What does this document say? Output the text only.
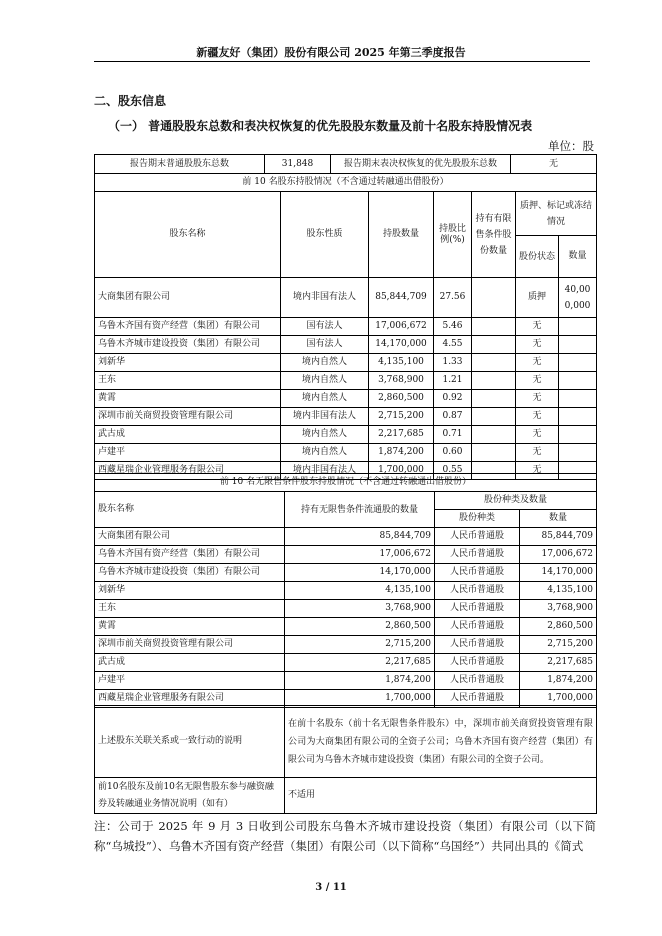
新疆友好（集团）股份有限公司 2025 年第三季度报告
二、股东信息
（一） 普通股股东总数和表决权恢复的优先股股东数量及前十名股东持股情况表
单位：股
报告期末普通股股东总数	31,848	报告期末表决权恢复的优先股股东总数	无
前 10 名股东持股情况（不含通过转融通出借股份）						
股东名称	股东性质	持股数量	持股比例(%)	持有有限售条件股份数量	质押、标记或冻结情况	
					股份状态	数量
大商集团有限公司	境内非国有法人	85,844,709	27.56		质押	40,000,000
乌鲁木齐国有资产经营（集团）有限公司	国有法人	17,006,672	5.46		无	
乌鲁木齐城市建设投资（集团）有限公司	国有法人	14,170,000	4.55		无	
刘新华	境内自然人	4,135,100	1.33		无	
王东	境内自然人	3,768,900	1.21		无	
黄霄	境内自然人	2,860,500	0.92		无	
深圳市前关商贸投资管理有限公司	境内非国有法人	2,715,200	0.87		无	
武古成	境内自然人	2,217,685	0.71		无	
卢建平	境内自然人	1,874,200	0.60		无	
西藏星瑞企业管理服务有限公司	境内非国有法人	1,700,000	0.55		无	
前 10 名无限售条件股东持股情况（不含通过转融通出借股份）			
股东名称	持有无限售条件流通股的数量	股份种类及数量	
		股份种类	数量
大商集团有限公司	85,844,709	人民币普通股	85,844,709
乌鲁木齐国有资产经营（集团）有限公司	17,006,672	人民币普通股	17,006,672
乌鲁木齐城市建设投资（集团）有限公司	14,170,000	人民币普通股	14,170,000
刘新华	4,135,100	人民币普通股	4,135,100
王东	3,768,900	人民币普通股	3,768,900
黄霄	2,860,500	人民币普通股	2,860,500
深圳市前关商贸投资管理有限公司	2,715,200	人民币普通股	2,715,200
武古成	2,217,685	人民币普通股	2,217,685
卢建平	1,874,200	人民币普通股	1,874,200
西藏星瑞企业管理服务有限公司	1,700,000	人民币普通股	1,700,000
上述股东关联关系或一致行动的说明	在前十名股东（前十名无限售条件股东）中，深圳市前关商贸投资管理有限公司为大商集团有限公司的全资子公司；乌鲁木齐国有资产经营（集团）有限公司为乌鲁木齐城市建设投资（集团）有限公司的全资子公司。
前10名股东及前10名无限售股东参与融资融券及转融通业务情况说明（如有）	不适用
注：公司于 2025 年 9 月 3 日收到公司股东乌鲁木齐城市建设投资（集团）有限公司（以下简称“乌城投”）、乌鲁木齐国有资产经营（集团）有限公司（以下简称“乌国经”）共同出具的《简式
3 / 11
